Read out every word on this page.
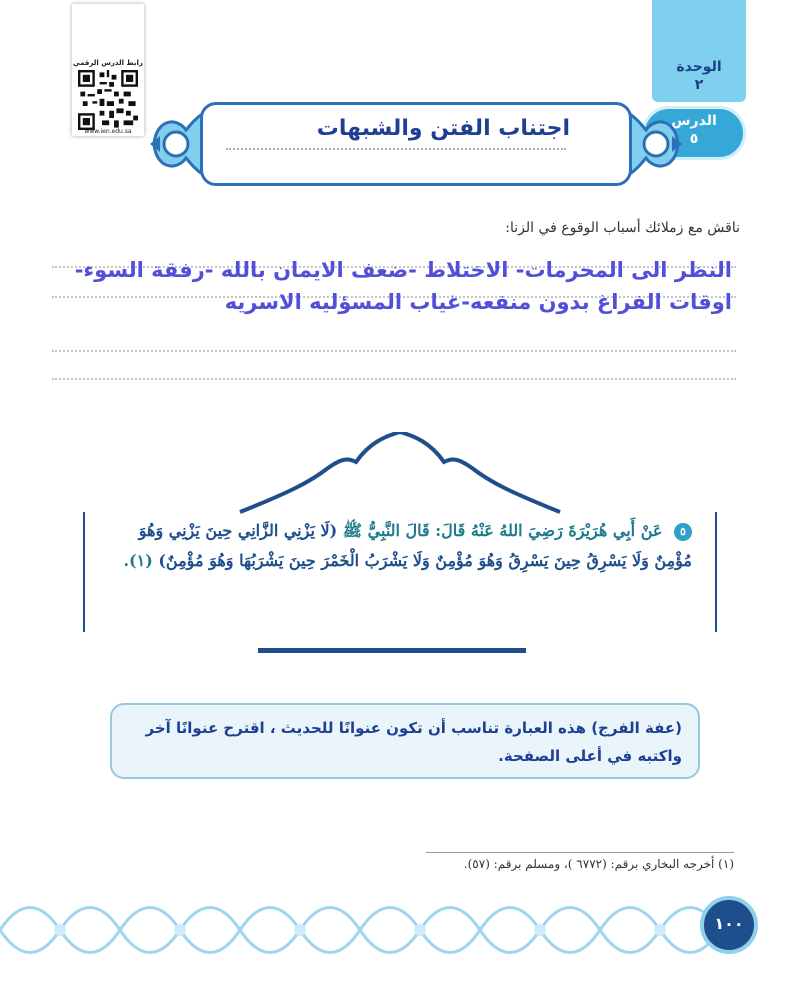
رابط الدرس الرقمي
www.ien.edu.sa
الوحدة
٢
الدرس
٥
اجتناب الفتن والشبهات
ناقش مع زملائك أسباب الوقوع في الزنا:
النظر الى المحرمات- الاختلاط -ضعف الايمان بالله -رفقة السوء-
اوقات الفراغ بدون منفعه-غياب المسؤليه الاسريه
٥ عَنْ أَبِي هُرَيْرَةَ رَضِيَ اللهُ عَنْهُ قَالَ: قَالَ النَّبِيُّ ﷺ (لَا يَزْنِي الزَّانِي حِينَ يَزْنِي وَهُوَ مُؤْمِنٌ وَلَا يَسْرِقُ حِينَ يَسْرِقُ وَهُوَ مُؤْمِنٌ وَلَا يَشْرَبُ الْخَمْرَ حِينَ يَشْرَبُهَا وَهُوَ مُؤْمِنٌ) (١).
(عفة الفرج) هذه العبارة تناسب أن تكون عنوانًا للحديث ، اقترح عنوانًا آخر واكتبه في أعلى الصفحة.
(١) أخرجه البخاري برقم: (٦٧٧٢ )، ومسلم برقم: (٥٧).
١٠٠
